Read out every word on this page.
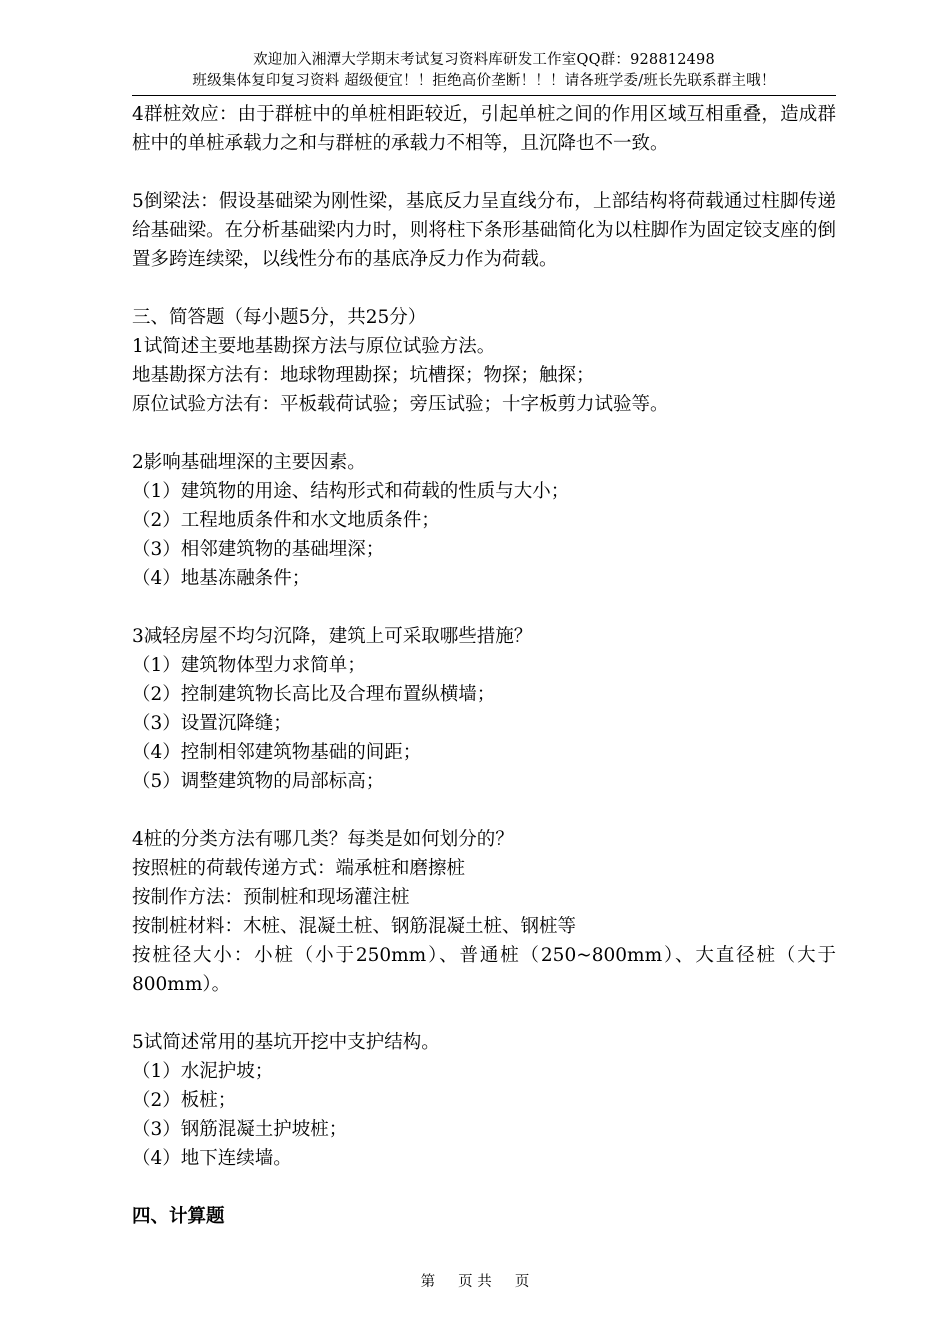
欢迎加入湘潭大学期末考试复习资料库研发工作室QQ群：928812498
班级集体复印复习资料 超级便宜！！拒绝高价垄断！！！请各班学委/班长先联系群主哦！

4群桩效应：由于群桩中的单桩相距较近，引起单桩之间的作用区域互相重叠，造成群桩中的单桩承载力之和与群桩的承载力不相等，且沉降也不一致。

5倒梁法：假设基础梁为刚性梁，基底反力呈直线分布，上部结构将荷载通过柱脚传递给基础梁。在分析基础梁内力时，则将柱下条形基础简化为以柱脚作为固定铰支座的倒置多跨连续梁，以线性分布的基底净反力作为荷载。

三、简答题（每小题5分，共25分）

1试简述主要地基勘探方法与原位试验方法。

地基勘探方法有：地球物理勘探；坑槽探；物探；触探；

原位试验方法有：平板载荷试验；旁压试验；十字板剪力试验等。

2影响基础埋深的主要因素。

（1）建筑物的用途、结构形式和荷载的性质与大小；

（2）工程地质条件和水文地质条件；

（3）相邻建筑物的基础埋深；

（4）地基冻融条件；

3减轻房屋不均匀沉降，建筑上可采取哪些措施？

（1）建筑物体型力求简单；

（2）控制建筑物长高比及合理布置纵横墙；

（3）设置沉降缝；

（4）控制相邻建筑物基础的间距；

（5）调整建筑物的局部标高；

4桩的分类方法有哪几类？每类是如何划分的？

按照桩的荷载传递方式：端承桩和磨擦桩

按制作方法：预制桩和现场灌注桩

按制桩材料：木桩、混凝土桩、钢筋混凝土桩、钢桩等

按桩径大小：小桩（小于250mm）、普通桩（250~800mm）、大直径桩（大于800mm）。

5试简述常用的基坑开挖中支护结构。

（1）水泥护坡；

（2）板桩；

（3）钢筋混凝土护坡桩；

（4）地下连续墙。

四、计算题

第     页 共     页
